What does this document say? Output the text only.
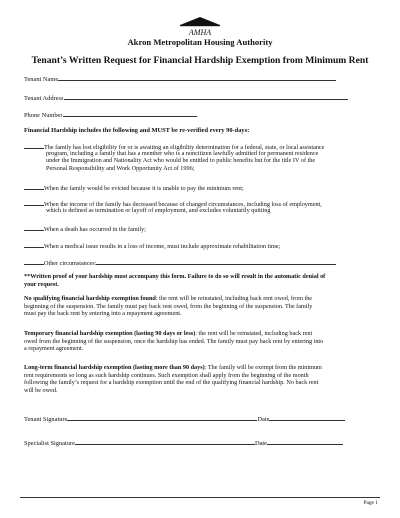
AMHA
Akron Metropolitan Housing Authority
Tenant’s Written Request for Financial Hardship Exemption from Minimum Rent
Tenant Name
Tenant Address
Phone Number
Financial Hardship includes the following and MUST be re-verified every 90-days:
The family has lost eligibility for or is awaiting an eligibility determination for a federal, state, or local assistance
program, including a family that has a member who is a noncitizen lawfully admitted for permanent residence
under the Immigration and Nationality Act who would be entitled to public benefits but for the title IV of the
Personal Responsibility and Work Opportunity Act of 1996;
When the family would be evicted because it is unable to pay the minimum rent;
When the income of the family has decreased because of changed circumstances, including loss of employment,
which is defined as termination or layoff of employment, and excludes voluntarily quitting
When a death has occurred in the family;
When a medical issue results in a loss of income, must include approximate rehabilitation time;
Other circumstances:
**Written proof of your hardship must accompany this form. Failure to do so will result in the automatic denial of
your request.
No qualifying financial hardship exemption found: the rent will be reinstated, including back rent owed, from the
beginning of the suspension. The family must pay back rent owed, from the beginning of the suspension. The family
must pay the back rent by entering into a repayment agreement.
Temporary financial hardship exemption (lasting 90 days or less): the rent will be reinstated, including back rent
owed from the beginning of the suspension, once the hardship has ended. The family must pay back rent by entering into
a repayment agreement.
Long-term financial hardship exemption (lasting more than 90 days): The family will be exempt from the minimum
rent requirements so long as such hardship continues. Such exemption shall apply from the beginning of the month
following the family’s request for a hardship exemption until the end of the qualifying financial hardship. No back rent
will be owed.
Tenant Signature	Date
Specialist Signature	Date
Page 1
